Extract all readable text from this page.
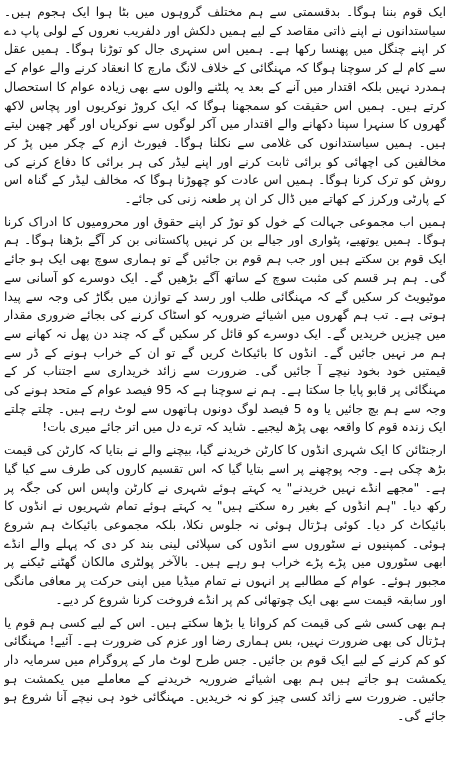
ایک قوم بننا ہوگا۔ بدقسمتی سے ہم مختلف گروہوں میں بٹا ہوا ایک ہجوم ہیں۔ سیاستدانوں نے اپنے ذاتی مقاصد کے لیے ہمیں دلکش اور دلفریب نعروں کے لولی پاپ دے کر اپنے چنگل میں پھنسا رکھا ہے۔ ہمیں اس سنہری جال کو توڑنا ہوگا۔ ہمیں عقل سے کام لے کر سوچنا ہوگا کہ مہنگائی کے خلاف لانگ مارچ کا انعقاد کرنے والے عوام کے ہمدرد نہیں بلکہ اقتدار میں آنے کے بعد یہ پلٹنے والوں سے بھی زیادہ عوام کا استحصال کرتے ہیں۔ ہمیں اس حقیقت کو سمجھنا ہوگا کہ ایک کروڑ نوکریوں اور پچاس لاکھ گھروں کا سنہرا سپنا دکھانے والے اقتدار میں آکر لوگوں سے نوکریاں اور گھر چھین لیتے ہیں۔ ہمیں سیاستدانوں کی غلامی سے نکلنا ہوگا۔ فیورٹ ازم کے چکر میں پڑ کر مخالفین کی اچھائی کو برائی ثابت کرنے اور اپنے لیڈر کی ہر برائی کا دفاع کرنے کی روش کو ترک کرنا ہوگا۔ ہمیں اس عادت کو چھوڑنا ہوگا کہ مخالف لیڈر کے گناہ اس کے پارٹی ورکرز کے کھاتے میں ڈال کر ان پر طعنہ زنی کی جائے۔

ہمیں اب مجموعی جہالت کے خول کو توڑ کر اپنے حقوق اور محرومیوں کا ادراک کرنا ہوگا۔ ہمیں یوتھیے، پٹواری اور جیالے بن کر نہیں پاکستانی بن کر آگے بڑھنا ہوگا۔ ہم ایک قوم بن سکتے ہیں اور جب ہم قوم بن جائیں گے تو ہماری سوچ بھی ایک ہو جائے گی۔ ہم ہر قسم کی مثبت سوچ کے ساتھ آگے بڑھیں گے۔ ایک دوسرے کو آسانی سے موٹیویٹ کر سکیں گے کہ مہنگائی طلب اور رسد کے توازن میں بگاڑ کی وجہ سے پیدا ہوتی ہے۔ تب ہم گھروں میں اشیائے ضروریہ کو اسٹاک کرنے کی بجائے ضروری مقدار میں چیزیں خریدیں گے۔ ایک دوسرے کو قائل کر سکیں گے کہ چند دن پھل نہ کھانے سے ہم مر نہیں جائیں گے۔ انڈوں کا بائیکاٹ کریں گے تو ان کے خراب ہونے کے ڈر سے قیمتیں خود بخود نیچے آ جائیں گی۔ ضرورت سے زائد خریداری سے اجتناب کر کے مہنگائی پر قابو پایا جا سکتا ہے۔ ہم نے سوچنا ہے کہ 95 فیصد عوام کے متحد ہونے کی وجہ سے ہم بچ جائیں یا وہ 5 فیصد لوگ دونوں ہاتھوں سے لوٹ رہے ہیں۔ چلتے چلتے ایک زندہ قوم کا واقعہ بھی پڑھ لیجیے۔ شاید کہ ترے دل میں اتر جائے میری بات!

ارجنٹائن کا ایک شہری انڈوں کا کارٹن خریدنے گیا، بیچنے والے نے بتایا کہ کارٹن کی قیمت بڑھ چکی ہے۔ وجہ پوچھنے پر اسے بتایا گیا کہ اس تقسیم کاروں کی طرف سے کیا گیا ہے۔ "مجھے انڈے نہیں خریدنے" یہ کہتے ہوئے شہری نے کارٹن واپس اس کی جگہ پر رکھ دیا۔ "ہم انڈوں کے بغیر رہ سکتے ہیں" یہ کہتے ہوئے تمام شہریوں نے انڈوں کا بائیکاٹ کر دیا۔ کوئی ہڑتال ہوئی نہ جلوس نکلا، بلکہ مجموعی بائیکاٹ ہم شروع ہوئی۔ کمپنیوں نے سٹوروں سے انڈوں کی سپلائی لینی بند کر دی کہ پہلے والے انڈے ابھی سٹوروں میں پڑے پڑے خراب ہو رہے ہیں۔ بالآخر پولٹری مالکان گھٹنے ٹیکنے پر مجبور ہوئے۔ عوام کے مطالبے پر انہوں نے تمام میڈیا میں اپنی حرکت پر معافی مانگی اور سابقہ قیمت سے بھی ایک چوتھائی کم پر انڈے فروخت کرنا شروع کر دیے۔

ہم بھی کسی شے کی قیمت کم کروانا یا بڑھا سکتے ہیں۔ اس کے لیے کسی ہم قوم یا ہڑتال کی بھی ضرورت نہیں، بس ہماری رضا اور عزم کی ضرورت ہے۔ آئیے! مہنگائی کو کم کرنے کے لیے ایک قوم بن جائیں۔ جس طرح لوٹ مار کے پروگرام میں سرمایہ دار یکمشت ہو جاتے ہیں ہم بھی اشیائے ضروریہ خریدنے کے معاملے میں یکمشت ہو جائیں۔ ضرورت سے زائد کسی چیز کو نہ خریدیں۔ مہنگائی خود ہی نیچے آنا شروع ہو جائے گی۔
